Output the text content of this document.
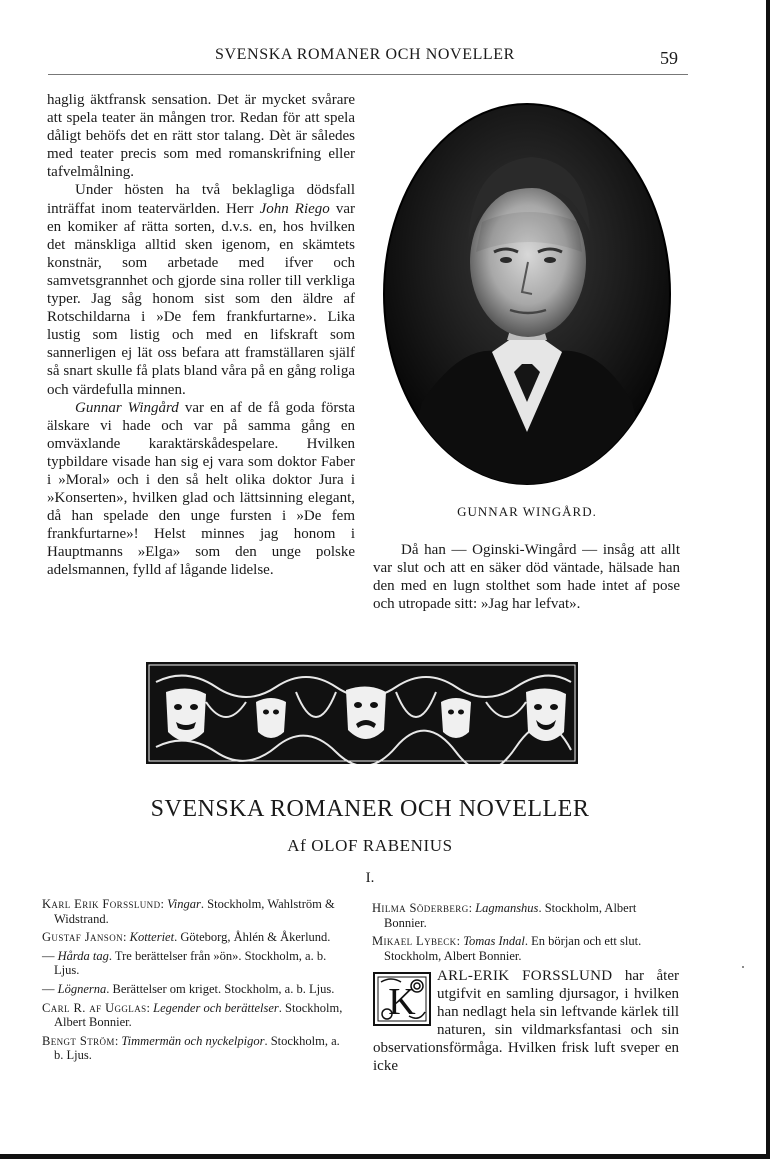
SVENSKA ROMANER OCH NOVELLER	59

haglig äktfransk sensation. Det är mycket svårare att spela teater än mången tror. Redan för att spela dåligt behöfs det en rätt stor talang. Dèt är således med teater precis som med romanskrifning eller tafvelmålning.

Under hösten ha två beklagliga dödsfall inträffat inom teatervärlden. Herr John Riego var en komiker af rätta sorten, d.v.s. en, hos hvilken det mänskliga alltid sken igenom, en skämtets konstnär, som arbetade med ifver och samvetsgrannhet och gjorde sina roller till verkliga typer. Jag såg honom sist som den äldre af Rotschildarna i »De fem frankfurtarne». Lika lustig som listig och med en lifskraft som sannerligen ej lät oss befara att framställaren själf så snart skulle få plats bland våra på en gång roliga och värdefulla minnen.

Gunnar Wingård var en af de få goda första älskare vi hade och var på samma gång en omväxlande karaktärskådespelare. Hvilken typbildare visade han sig ej vara som doktor Faber i »Moral» och i den så helt olika doktor Jura i »Konserten», hvilken glad och lättsinning elegant, då han spelade den unge fursten i »De fem frankfurtarne»! Helst minnes jag honom i Hauptmanns »Elga» som den unge polske adelsmannen, fylld af lågande lidelse.

GUNNAR WINGÅRD.

Då han — Oginski-Wingård — insåg att allt var slut och att en säker död väntade, hälsade han den med en lugn stolthet som hade intet af pose och utropade sitt: »Jag har lefvat».

SVENSKA ROMANER OCH NOVELLER
Af OLOF RABENIUS
I.

Karl Erik Forsslund: Vingar. Stockholm, Wahlström & Widstrand.

Gustaf Janson: Kotteriet. Göteborg, Åhlén & Åkerlund.

— Hårda tag. Tre berättelser från »ön». Stockholm, a. b. Ljus.

— Lögnerna. Berättelser om kriget. Stockholm, a. b. Ljus.

Carl R. af Ugglas: Legender och berättelser. Stockholm, Albert Bonnier.

Bengt Ström: Timmermän och nyckelpigor. Stockholm, a. b. Ljus.

Hilma Söderberg: Lagmanshus. Stockholm, Albert Bonnier.

Mikael Lybeck: Tomas Indal. En början och ett slut. Stockholm, Albert Bonnier.

K
ARL-ERIK FORSSLUND har åter utgifvit en samling djursagor, i hvilken han nedlagt hela sin leftvande kärlek till naturen, sin vildmarksfantasi och sin observationsförmåga. Hvilken frisk luft sveper en icke
